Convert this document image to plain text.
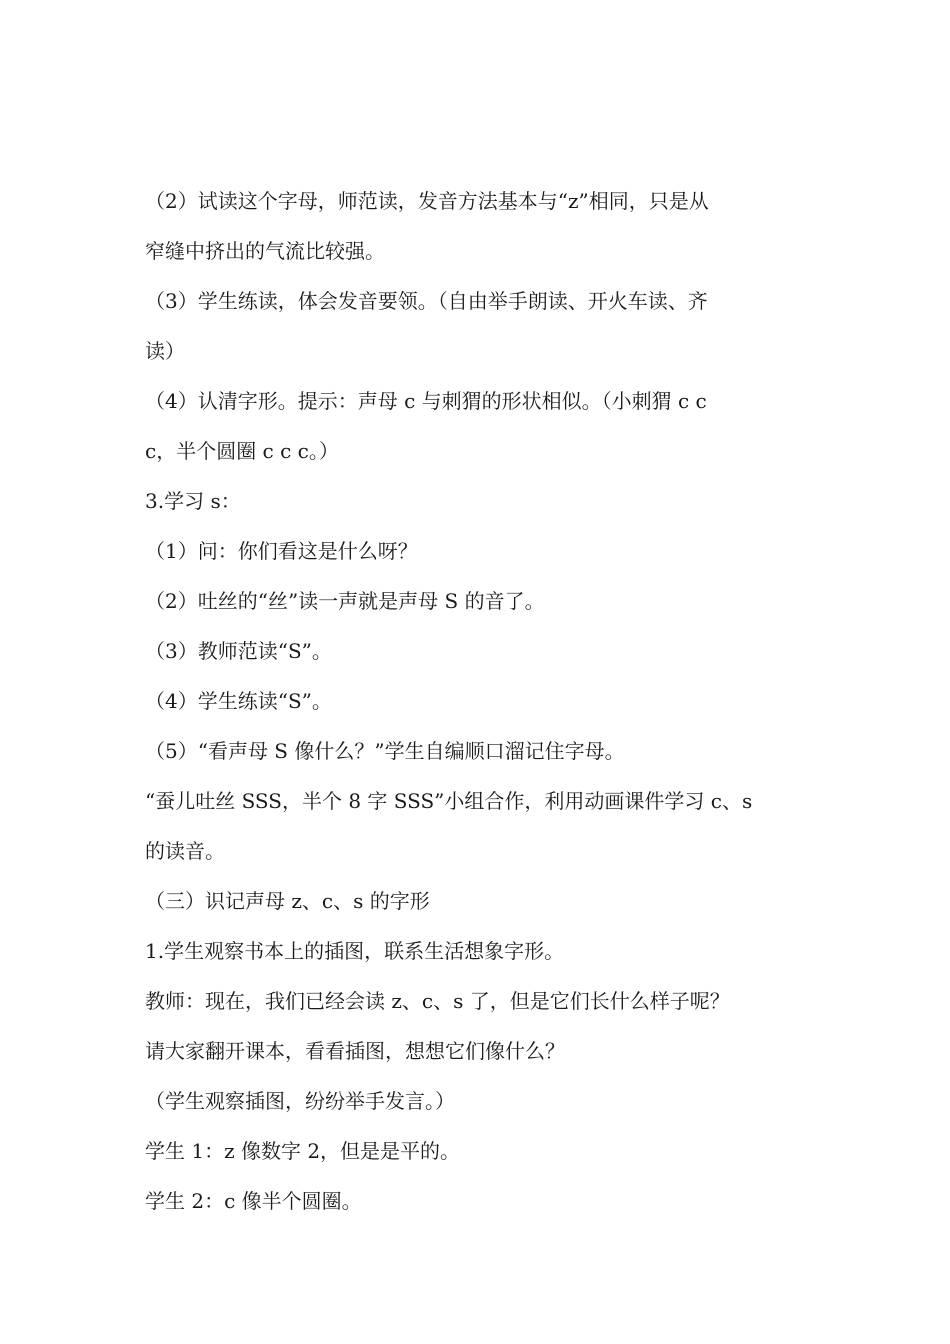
（2）试读这个字母，师范读，发音方法基本与“z”相同，只是从
窄缝中挤出的气流比较强。
（3）学生练读，体会发音要领。（自由举手朗读、开火车读、齐
读）
（4）认清字形。提示：声母 c 与刺猬的形状相似。（小刺猬 c c
c，半个圆圈 c c c。）
3.学习 s：
（1）问：你们看这是什么呀？
（2）吐丝的“丝”读一声就是声母 S 的音了。
（3）教师范读“S”。
（4）学生练读“S”。
（5）“看声母 S 像什么？”学生自编顺口溜记住字母。
“蚕儿吐丝 SSS，半个 8 字 SSS”小组合作，利用动画课件学习 c、s
的读音。
（三）识记声母 z、c、s 的字形
1.学生观察书本上的插图，联系生活想象字形。
教师：现在，我们已经会读 z、c、s 了，但是它们长什么样子呢？
请大家翻开课本，看看插图，想想它们像什么？
（学生观察插图，纷纷举手发言。）
学生 1：z 像数字 2，但是是平的。
学生 2：c 像半个圆圈。
